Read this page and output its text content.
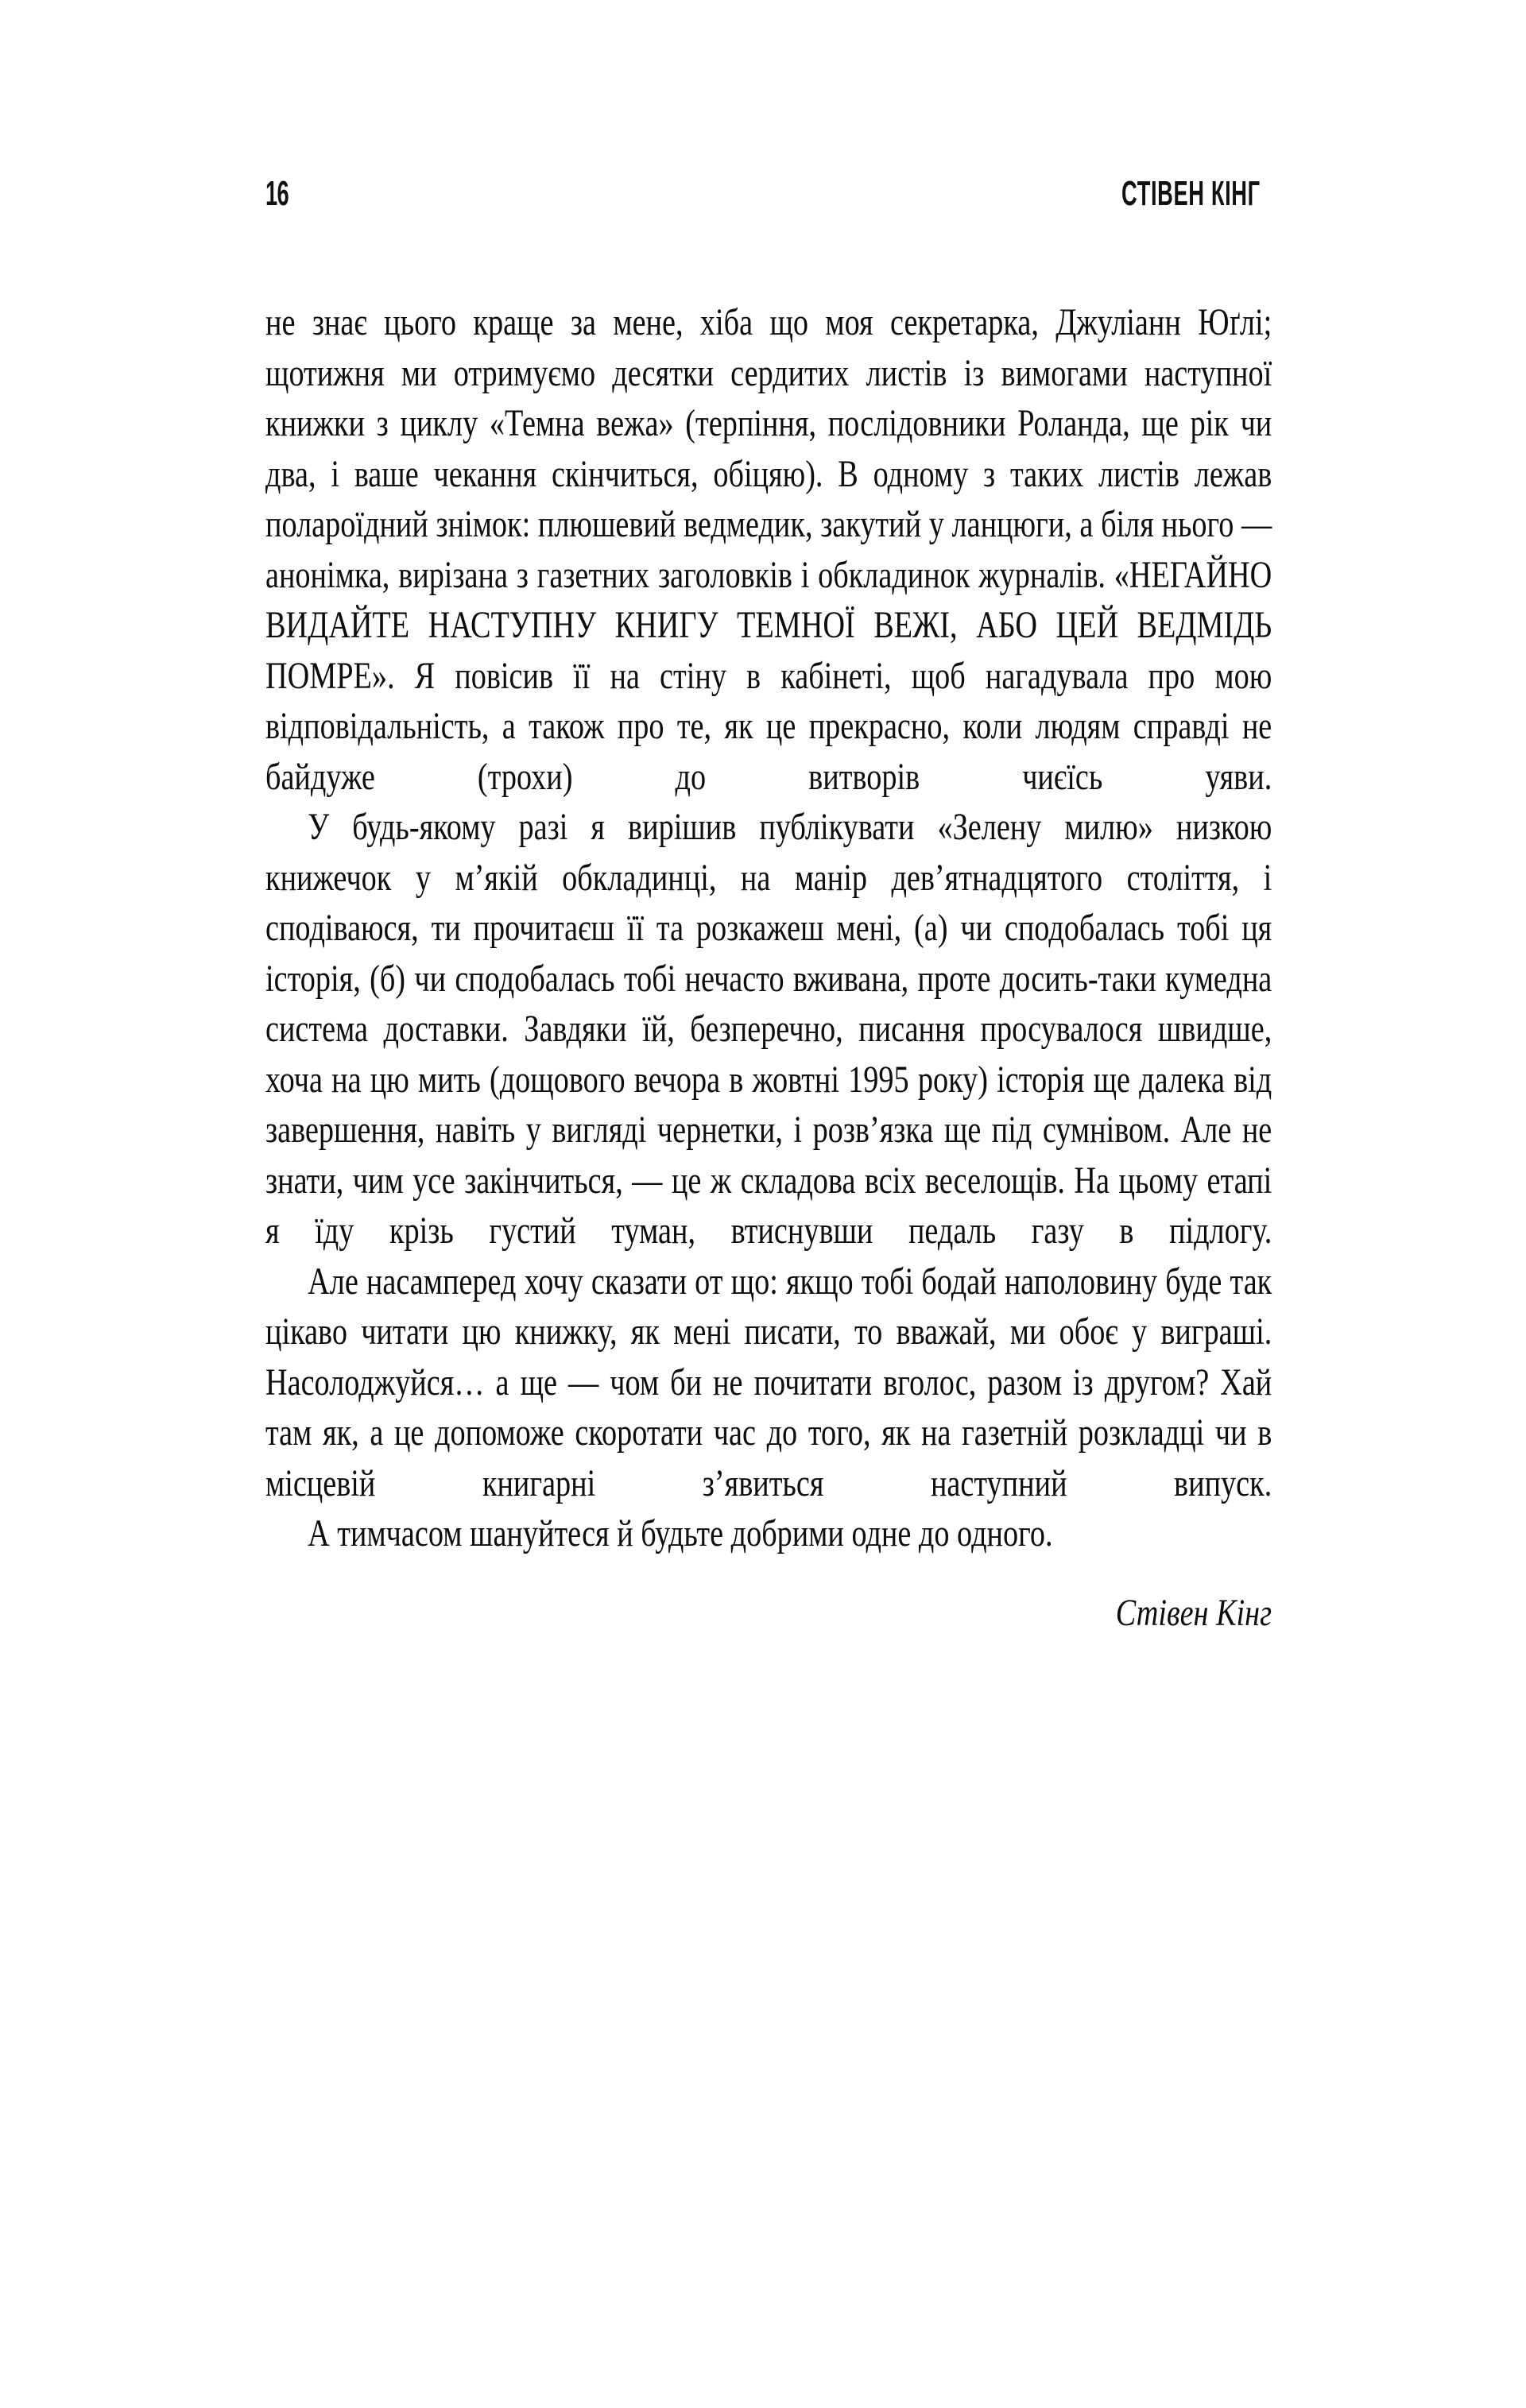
16	СТІВЕН КІНГ

не знає цього краще за мене, хіба що моя секретарка, Джуліанн Юґлі; щотижня ми отримуємо десятки сердитих листів із вимогами наступної книжки з циклу «Темна вежа» (терпіння, послідовники Роланда, ще рік чи два, і ваше чекання скінчиться, обіцяю). В одному з таких листів лежав полароїдний знімок: плюшевий ведмедик, закутий у ланцюги, а біля нього — анонімка, вирізана з газетних заголовків і обкладинок журналів. «НЕГАЙНО ВИДАЙТЕ НАСТУПНУ КНИГУ ТЕМНОЇ ВЕЖІ, АБО ЦЕЙ ВЕДМІДЬ ПОМРЕ». Я повісив її на стіну в кабінеті, щоб нагадувала про мою відповідальність, а також про те, як це прекрасно, коли людям справді не байдуже (трохи) до витворів чиєїсь уяви.

У будь-якому разі я вирішив публікувати «Зелену милю» низкою книжечок у м’якій обкладинці, на манір дев’ятнадцятого століття, і сподіваюся, ти прочитаєш її та розкажеш мені, (а) чи сподобалась тобі ця історія, (б) чи сподобалась тобі нечасто вживана, проте досить-таки кумедна система доставки. Завдяки їй, безперечно, писання просувалося швидше, хоча на цю мить (дощового вечора в жовтні 1995 року) історія ще далека від завершення, навіть у вигляді чернетки, і розв’язка ще під сумнівом. Але не знати, чим усе закінчиться, — це ж складова всіх веселощів. На цьому етапі я їду крізь густий туман, втиснувши педаль газу в підлогу.

Але насамперед хочу сказати от що: якщо тобі бодай наполовину буде так цікаво читати цю книжку, як мені писати, то вважай, ми обоє у виграші. Насолоджуйся… а ще — чом би не почитати вголос, разом із другом? Хай там як, а це допоможе скоротати час до того, як на газетній розкладці чи в місцевій книгарні з’явиться наступний випуск.

А тимчасом шануйтеся й будьте добрими одне до одного.

Стівен Кінг
